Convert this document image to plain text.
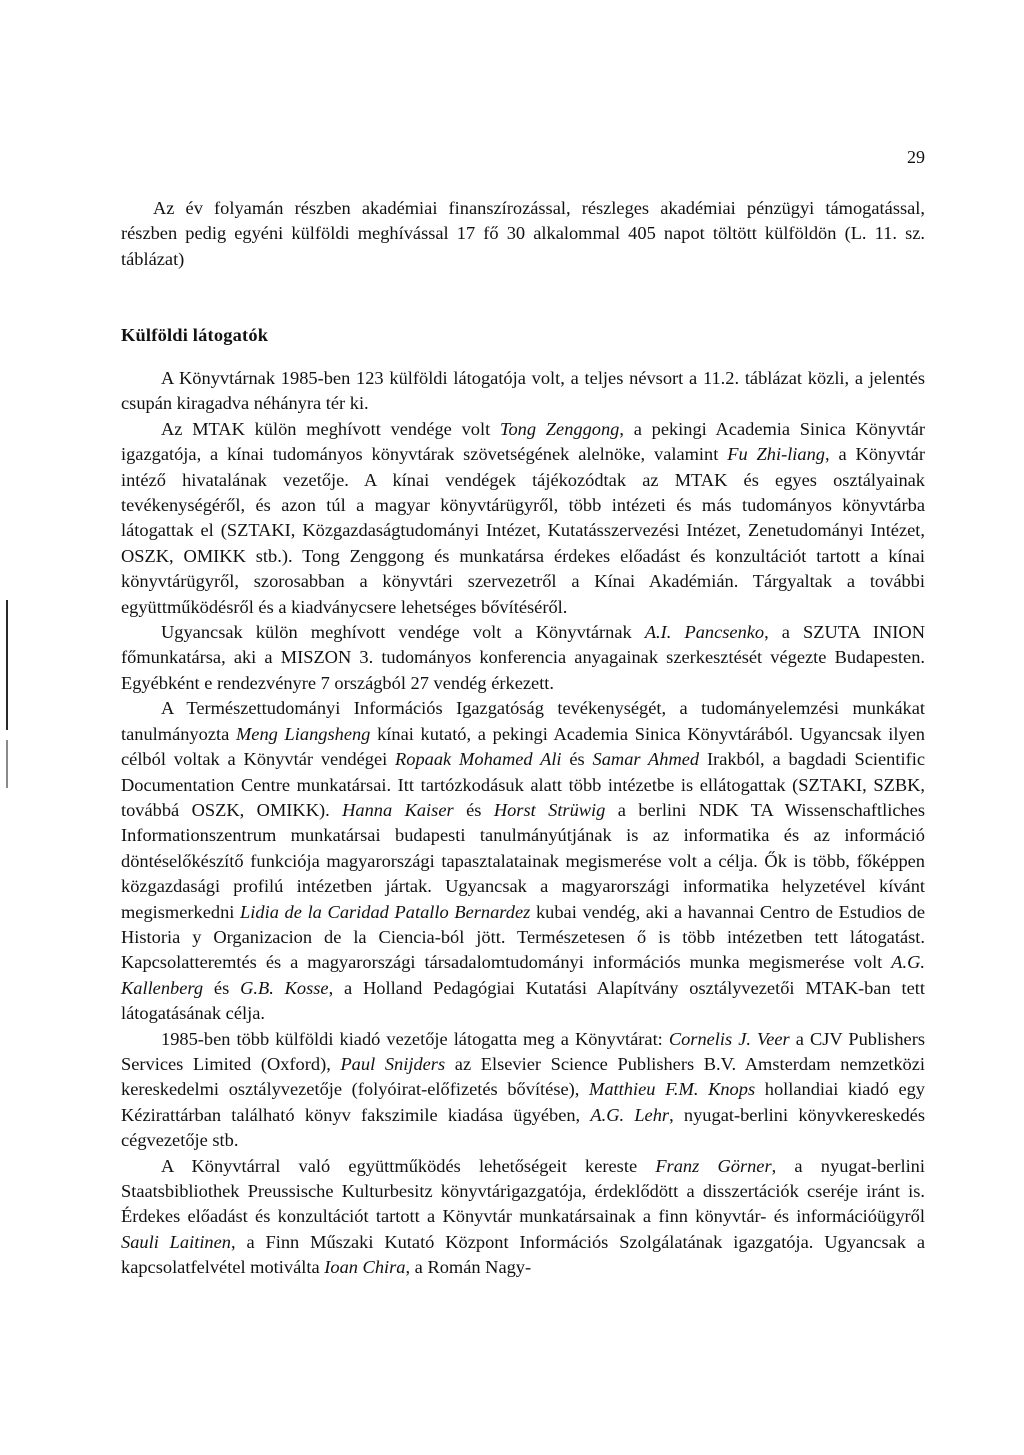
29

Az év folyamán részben akadémiai finanszírozással, részleges akadémiai pénzügyi támogatással, részben pedig egyéni külföldi meghívással 17 fő 30 alkalommal 405 napot töltött külföldön (L. 11. sz. táblázat)

Külföldi látogatók

A Könyvtárnak 1985-ben 123 külföldi látogatója volt, a teljes névsort a 11.2. táblázat közli, a jelentés csupán kiragadva néhányra tér ki.

Az MTAK külön meghívott vendége volt Tong Zenggong, a pekingi Academia Sinica Könyvtár igazgatója, a kínai tudományos könyvtárak szövetségének alelnöke, valamint Fu Zhi-liang, a Könyvtár intéző hivatalának vezetője. A kínai vendégek tájékozódtak az MTAK és egyes osztályainak tevékenységéről, és azon túl a magyar könyvtárügyről, több intézeti és más tudományos könyvtárba látogattak el (SZTAKI, Közgazdaságtudományi Intézet, Kutatásszervezési Intézet, Zenetudományi Intézet, OSZK, OMIKK stb.). Tong Zenggong és munkatársa érdekes előadást és konzultációt tartott a kínai könyvtárügyről, szorosabban a könyvtári szervezetről a Kínai Akadémián. Tárgyaltak a további együttműködésről és a kiadványcsere lehetséges bővítéséről.

Ugyancsak külön meghívott vendége volt a Könyvtárnak A.I. Pancsenko, a SZUTA INION főmunkatársa, aki a MISZON 3. tudományos konferencia anyagainak szerkesztését végezte Budapesten. Egyébként e rendezvényre 7 országból 27 vendég érkezett.

A Természettudományi Információs Igazgatóság tevékenységét, a tudományelemzési munkákat tanulmányozta Meng Liangsheng kínai kutató, a pekingi Academia Sinica Könyvtárából. Ugyancsak ilyen célból voltak a Könyvtár vendégei Ropaak Mohamed Ali és Samar Ahmed Irakból, a bagdadi Scientific Documentation Centre munkatársai. Itt tartózkodásuk alatt több intézetbe is ellátogattak (SZTAKI, SZBK, továbbá OSZK, OMIKK). Hanna Kaiser és Horst Strüwig a berlini NDK TA Wissenschaftliches Informationszentrum munkatársai budapesti tanulmányútjának is az informatika és az információ döntéselőkészítő funkciója magyarországi tapasztalatainak megismerése volt a célja. Ők is több, főképpen közgazdasági profilú intézetben jártak. Ugyancsak a magyarországi informatika helyzetével kívánt megismerkedni Lidia de la Caridad Patallo Bernardez kubai vendég, aki a havannai Centro de Estudios de Historia y Organizacion de la Ciencia-ból jött. Természetesen ő is több intézetben tett látogatást. Kapcsolatteremtés és a magyarországi társadalomtudományi információs munka megismerése volt A.G. Kallenberg és G.B. Kosse, a Holland Pedagógiai Kutatási Alapítvány osztályvezetői MTAK-ban tett látogatásának célja.

1985-ben több külföldi kiadó vezetője látogatta meg a Könyvtárat: Cornelis J. Veer a CJV Publishers Services Limited (Oxford), Paul Snijders az Elsevier Science Publishers B.V. Amsterdam nemzetközi kereskedelmi osztályvezetője (folyóirat-előfizetés bővítése), Matthieu F.M. Knops hollandiai kiadó egy Kézirattárban található könyv fakszimile kiadása ügyében, A.G. Lehr, nyugat-berlini könyvkereskedés cégvezetője stb.

A Könyvtárral való együttműködés lehetőségeit kereste Franz Görner, a nyugat-berlini Staatsbibliothek Preussische Kulturbesitz könyvtárigazgatója, érdeklődött a disszertációk cseréje iránt is. Érdekes előadást és konzultációt tartott a Könyvtár munkatársainak a finn könyvtár- és információügyről Sauli Laitinen, a Finn Műszaki Kutató Központ Információs Szolgálatának igazgatója. Ugyancsak a kapcsolatfelvétel motiválta Ioan Chira, a Román Nagy-
